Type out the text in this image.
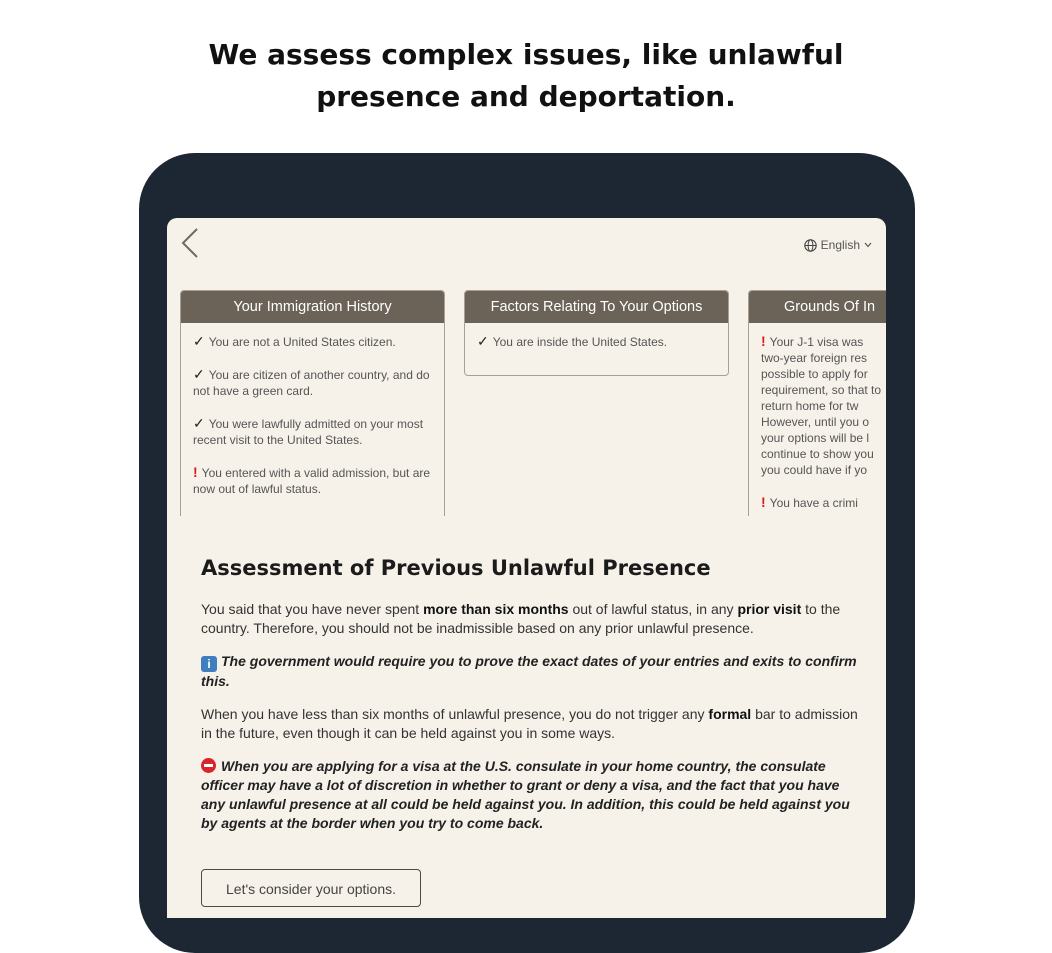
We assess complex issues, like unlawful
presence and deportation.
English
Your Immigration History
✓ You are not a United States citizen.
✓ You are citizen of another country, and do not have a green card.
✓ You were lawfully admitted on your most recent visit to the United States.
! You entered with a valid admission, but are now out of lawful status.
Factors Relating To Your Options
✓ You are inside the United States.
Grounds Of In
! Your J-1 visa was two-year foreign res possible to apply for requirement, so that to return home for tw However, until you o your options will be l continue to show you you could have if yo
! You have a crimi
Assessment of Previous Unlawful Presence

You said that you have never spent more than six months out of lawful status, in any prior visit to the country. Therefore, you should not be inadmissible based on any prior unlawful presence.

i The government would require you to prove the exact dates of your entries and exits to confirm this.

When you have less than six months of unlawful presence, you do not trigger any formal bar to admission in the future, even though it can be held against you in some ways.

When you are applying for a visa at the U.S. consulate in your home country, the consulate officer may have a lot of discretion in whether to grant or deny a visa, and the fact that you have any unlawful presence at all could be held against you. In addition, this could be held against you by agents at the border when you try to come back.

Let's consider your options.
